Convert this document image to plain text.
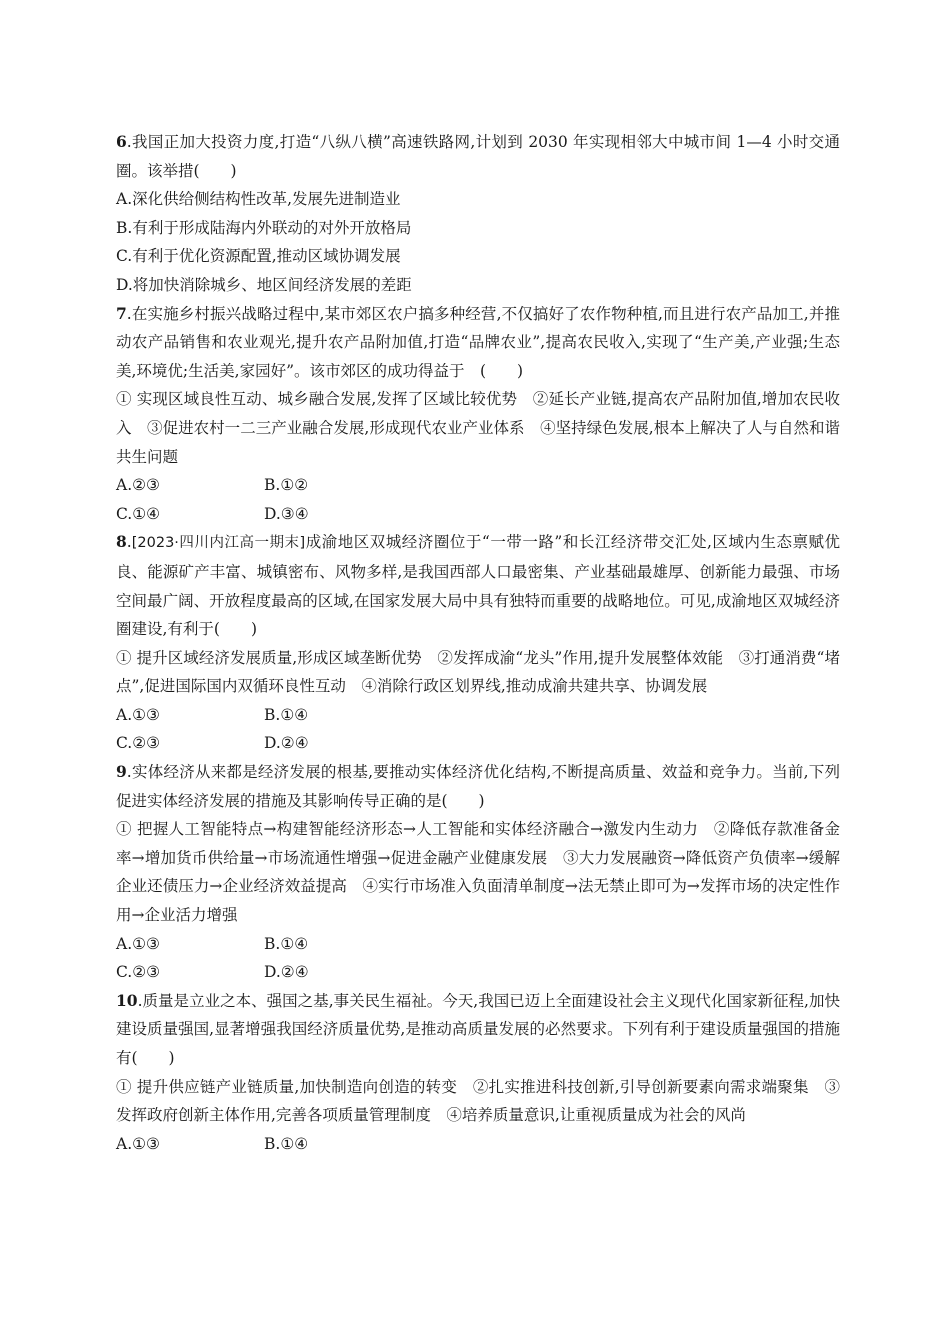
6.我国正加大投资力度,打造“八纵八横”高速铁路网,计划到 2030 年实现相邻大中城市间 1—4 小时交通圈。该举措(　　)

A.深化供给侧结构性改革,发展先进制造业

B.有利于形成陆海内外联动的对外开放格局

C.有利于优化资源配置,推动区域协调发展

D.将加快消除城乡、地区间经济发展的差距

7.在实施乡村振兴战略过程中,某市郊区农户搞多种经营,不仅搞好了农作物种植,而且进行农产品加工,并推动农产品销售和农业观光,提升农产品附加值,打造“品牌农业”,提高农民收入,实现了“生产美,产业强;生态美,环境优;生活美,家园好”。该市郊区的成功得益于　(　　)

① 实现区域良性互动、城乡融合发展,发挥了区域比较优势　②延长产业链,提高农产品附加值,增加农民收入　③促进农村一二三产业融合发展,形成现代农业产业体系　④坚持绿色发展,根本上解决了人与自然和谐共生问题

A.②③	B.①②

C.①④	D.③④

8.[2023·四川内江高一期末]成渝地区双城经济圈位于“一带一路”和长江经济带交汇处,区域内生态禀赋优良、能源矿产丰富、城镇密布、风物多样,是我国西部人口最密集、产业基础最雄厚、创新能力最强、市场空间最广阔、开放程度最高的区域,在国家发展大局中具有独特而重要的战略地位。可见,成渝地区双城经济圈建设,有利于(　　)

① 提升区域经济发展质量,形成区域垄断优势　②发挥成渝“龙头”作用,提升发展整体效能　③打通消费“堵点”,促进国际国内双循环良性互动　④消除行政区划界线,推动成渝共建共享、协调发展

A.①③	B.①④

C.②③	D.②④

9.实体经济从来都是经济发展的根基,要推动实体经济优化结构,不断提高质量、效益和竞争力。当前,下列促进实体经济发展的措施及其影响传导正确的是(　　)

① 把握人工智能特点→构建智能经济形态→人工智能和实体经济融合→激发内生动力　②降低存款准备金率→增加货币供给量→市场流通性增强→促进金融产业健康发展　③大力发展融资→降低资产负债率→缓解企业还债压力→企业经济效益提高　④实行市场准入负面清单制度→法无禁止即可为→发挥市场的决定性作用→企业活力增强

A.①③	B.①④

C.②③	D.②④

10.质量是立业之本、强国之基,事关民生福祉。今天,我国已迈上全面建设社会主义现代化国家新征程,加快建设质量强国,显著增强我国经济质量优势,是推动高质量发展的必然要求。下列有利于建设质量强国的措施有(　　)

① 提升供应链产业链质量,加快制造向创造的转变　②扎实推进科技创新,引导创新要素向需求端聚集　③发挥政府创新主体作用,完善各项质量管理制度　④培养质量意识,让重视质量成为社会的风尚

A.①③	B.①④
